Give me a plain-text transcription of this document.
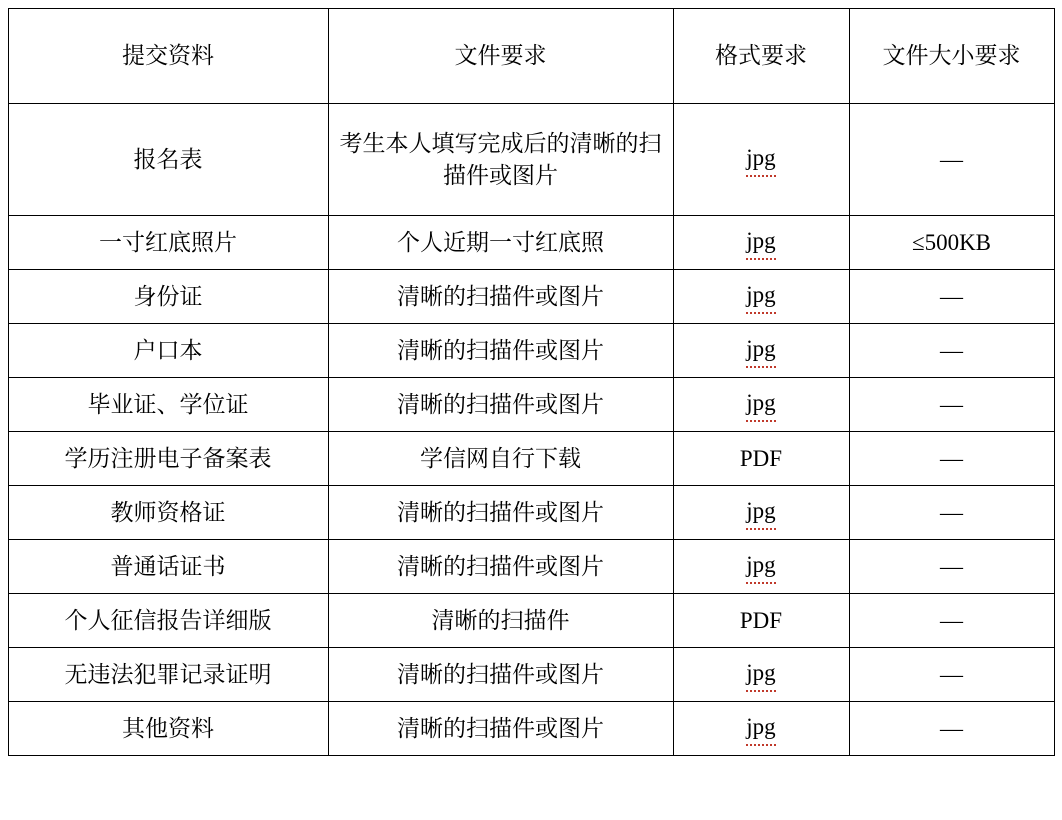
提交资料	文件要求	格式要求	文件大小要求
报名表	考生本人填写完成后的清晰的扫描件或图片	jpg	—
一寸红底照片	个人近期一寸红底照	jpg	≤500KB
身份证	清晰的扫描件或图片	jpg	—
户口本	清晰的扫描件或图片	jpg	—
毕业证、学位证	清晰的扫描件或图片	jpg	—
学历注册电子备案表	学信网自行下载	PDF	—
教师资格证	清晰的扫描件或图片	jpg	—
普通话证书	清晰的扫描件或图片	jpg	—
个人征信报告详细版	清晰的扫描件	PDF	—
无违法犯罪记录证明	清晰的扫描件或图片	jpg	—
其他资料	清晰的扫描件或图片	jpg	—
